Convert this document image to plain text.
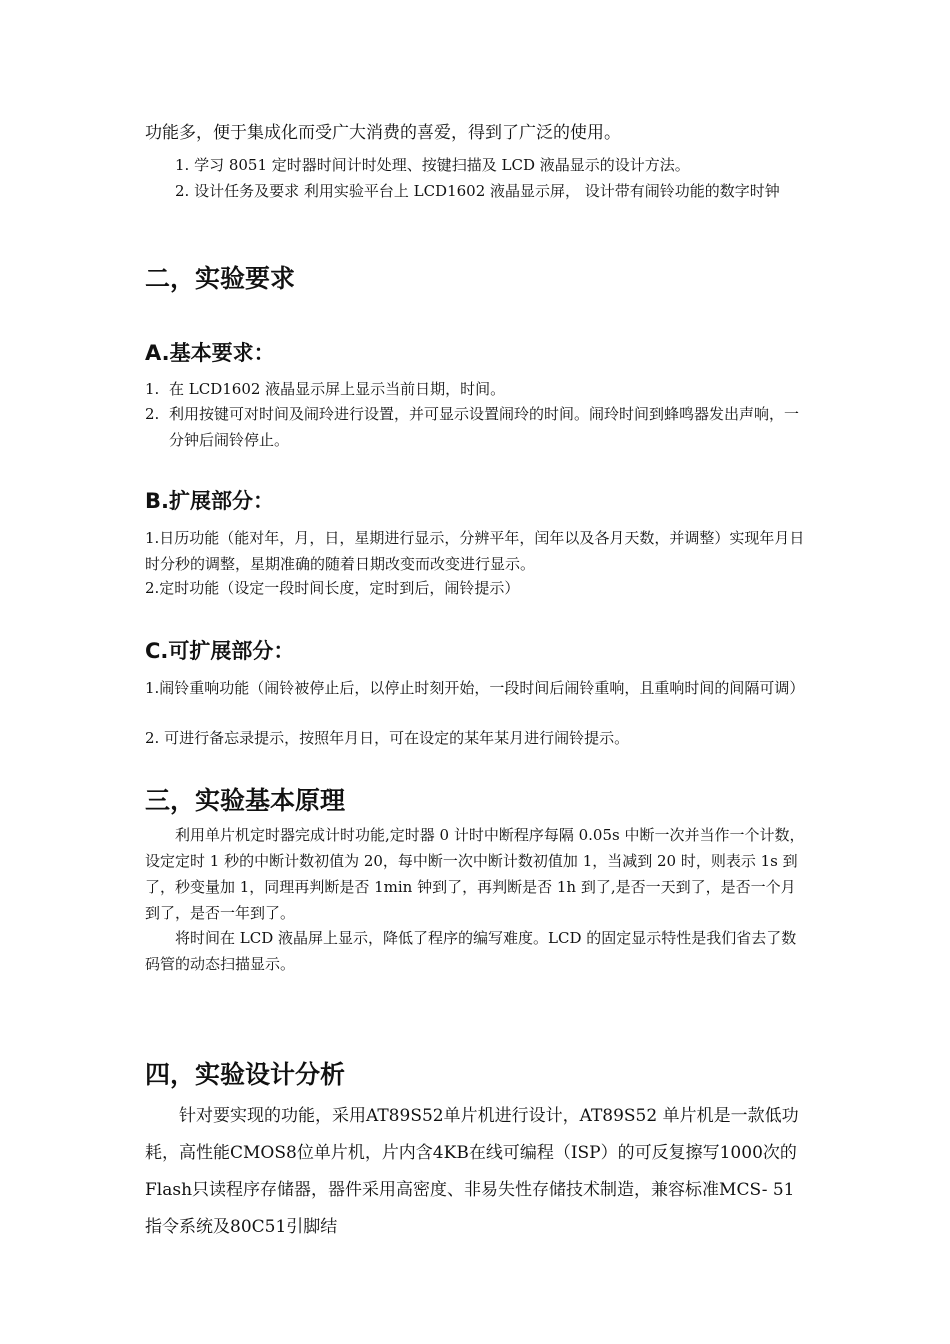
功能多，便于集成化而受广大消费的喜爱，得到了广泛的使用。

1. 学习 8051 定时器时间计时处理、按键扫描及 LCD 液晶显示的设计方法。

2. 设计任务及要求 利用实验平台上 LCD1602 液晶显示屏， 设计带有闹铃功能的数字时钟

二，实验要求
A.基本要求：
1. 在 LCD1602 液晶显示屏上显示当前日期，时间。
2. 利用按键可对时间及闹玲进行设置，并可显示设置闹玲的时间。闹玲时间到蜂鸣器发出声响，一分钟后闹铃停止。
B.扩展部分：

1.日历功能（能对年，月，日，星期进行显示，分辨平年，闰年以及各月天数，并调整）实现年月日时分秒的调整，星期准确的随着日期改变而改变进行显示。

2.定时功能（设定一段时间长度，定时到后，闹铃提示）

C.可扩展部分：

1.闹铃重响功能（闹铃被停止后，以停止时刻开始，一段时间后闹铃重响，且重响时间的间隔可调）

2. 可进行备忘录提示，按照年月日，可在设定的某年某月进行闹铃提示。

三，实验基本原理

利用单片机定时器完成计时功能,定时器 0 计时中断程序每隔 0.05s 中断一次并当作一个计数，设定定时 1 秒的中断计数初值为 20，每中断一次中断计数初值加 1，当减到 20 时，则表示 1s 到了，秒变量加 1，同理再判断是否 1min 钟到了，再判断是否 1h 到了,是否一天到了，是否一个月到了，是否一年到了。

将时间在 LCD 液晶屏上显示，降低了程序的编写难度。LCD 的固定显示特性是我们省去了数码管的动态扫描显示。

四，实验设计分析

针对要实现的功能，采用AT89S52单片机进行设计，AT89S52 单片机是一款低功耗，高性能CMOS8位单片机，片内含4KB在线可编程（ISP）的可反复擦写1000次的Flash只读程序存储器，器件采用高密度、非易失性存储技术制造，兼容标准MCS- 51指令系统及80C51引脚结
